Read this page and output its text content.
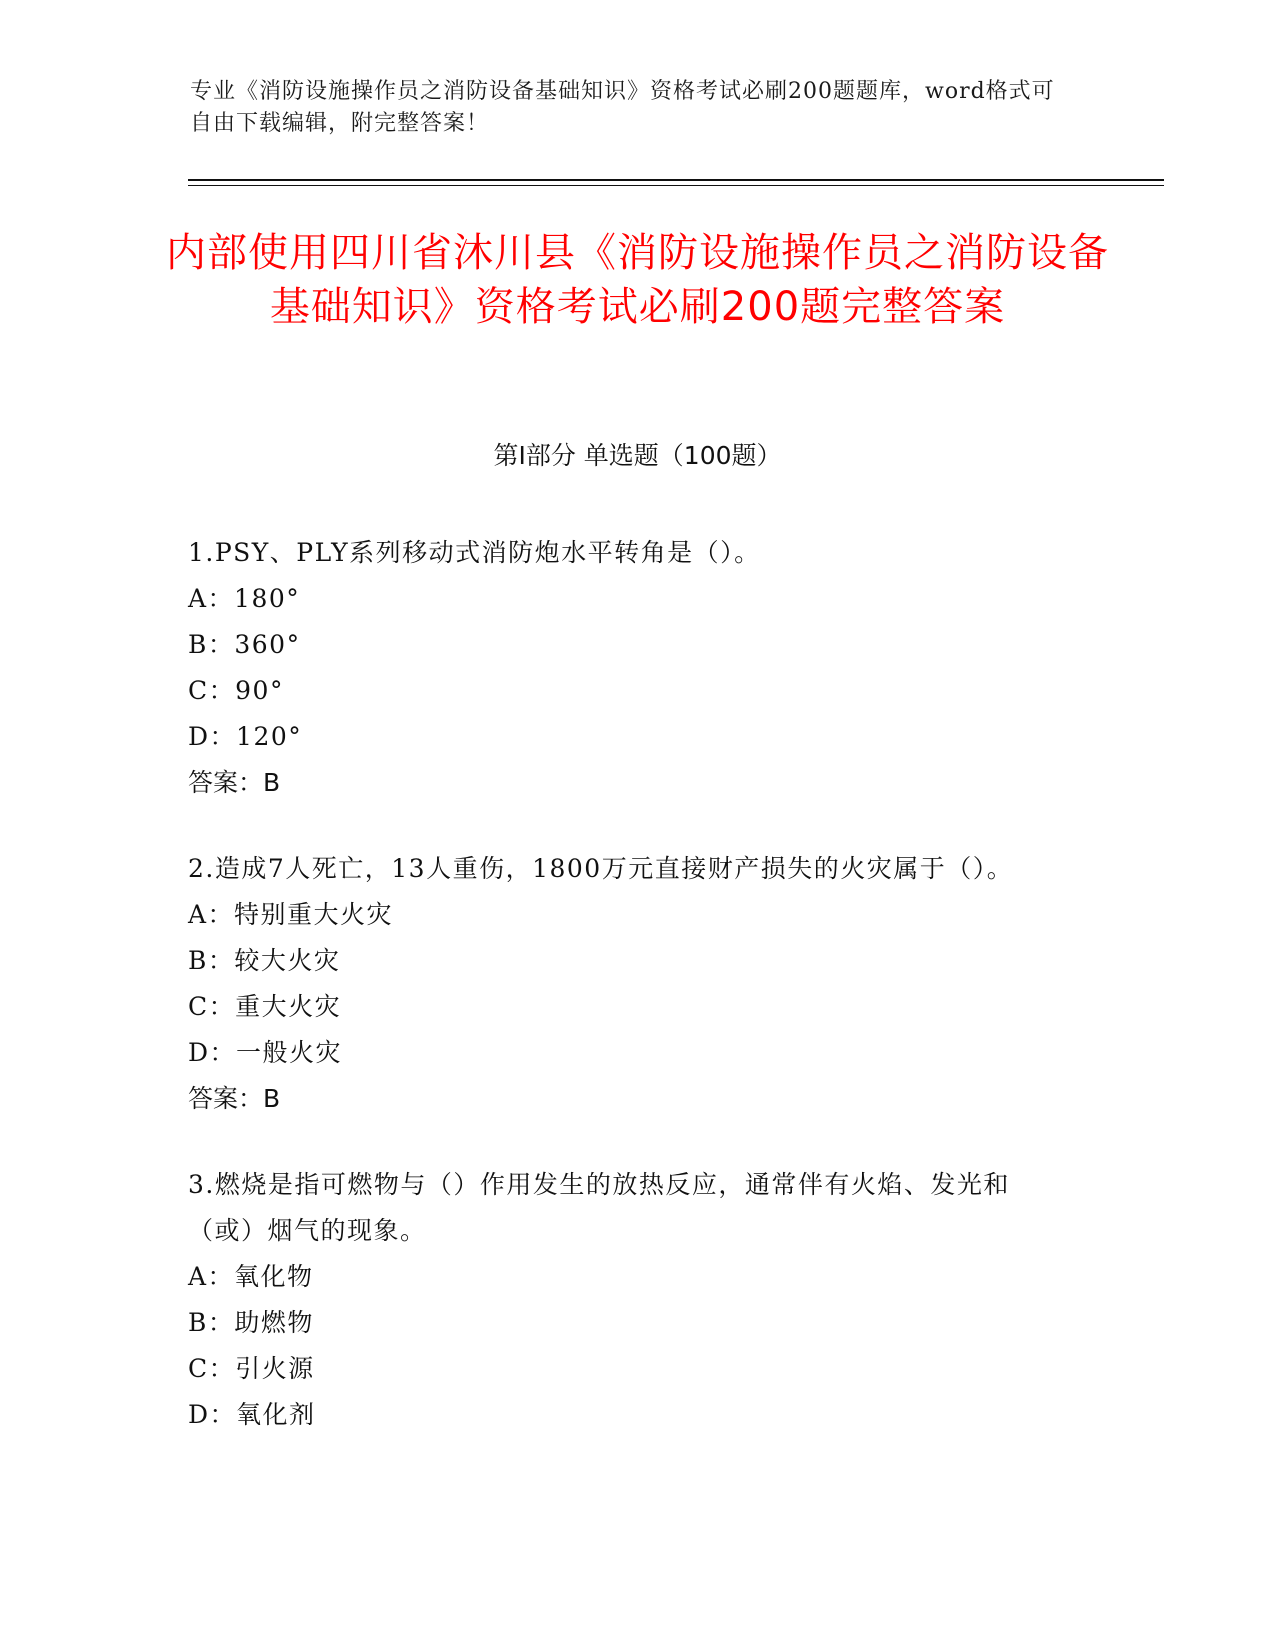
专业《消防设施操作员之消防设备基础知识》资格考试必刷200题题库，word格式可自由下载编辑，附完整答案！
内部使用四川省沐川县《消防设施操作员之消防设备基础知识》资格考试必刷200题完整答案
第I部分 单选题（100题）
1.PSY、PLY系列移动式消防炮水平转角是（）。
A：180°
B：360°
C：90°
D：120°
答案：B
2.造成7人死亡，13人重伤，1800万元直接财产损失的火灾属于（）。
A：特别重大火灾
B：较大火灾
C：重大火灾
D：一般火灾
答案：B
3.燃烧是指可燃物与（）作用发生的放热反应，通常伴有火焰、发光和（或）烟气的现象。
A：氧化物
B：助燃物
C：引火源
D：氧化剂
